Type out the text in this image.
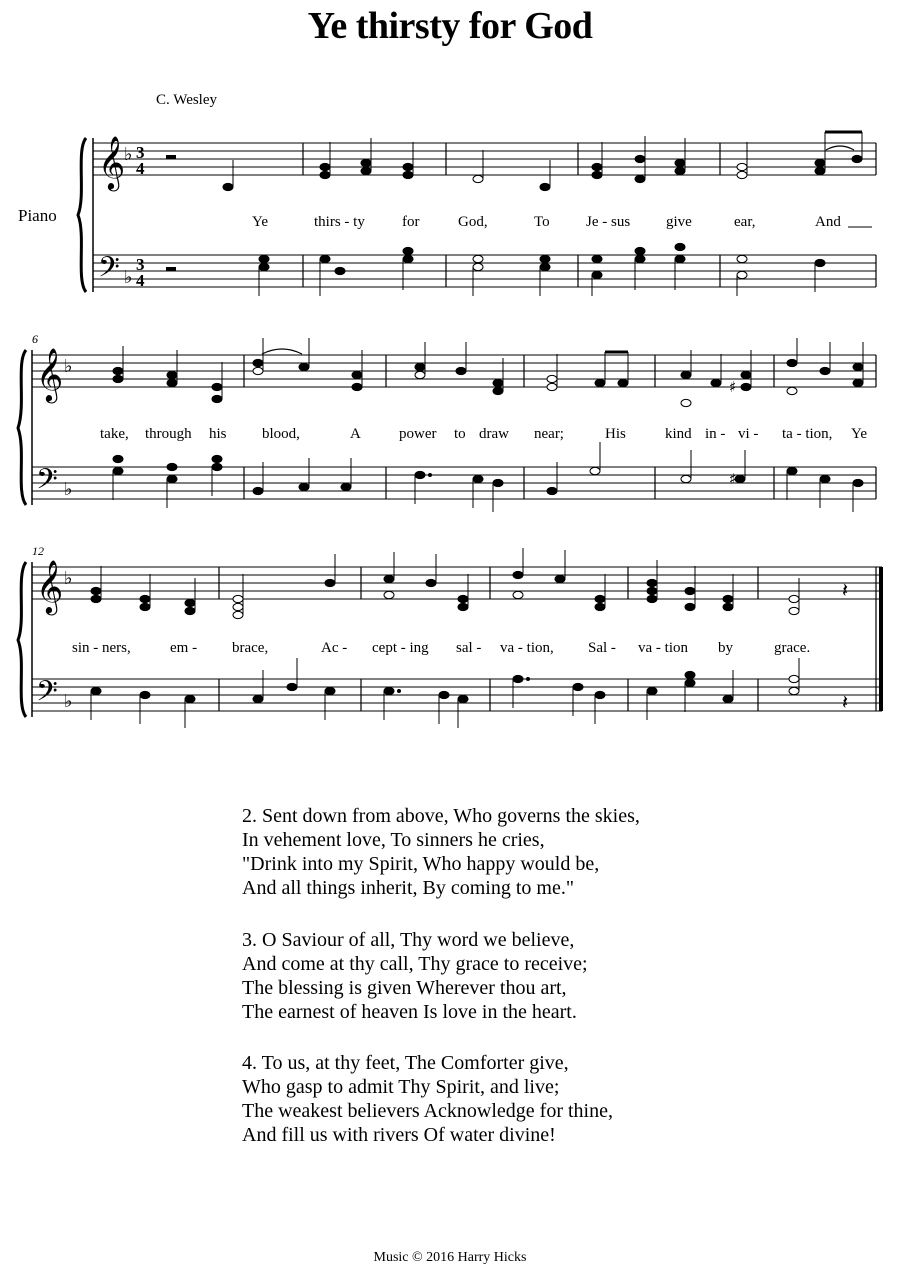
Ye thirsty for God
C. Wesley
Piano
𝄞
𝄢
♭
♭
3
4
3
4
Ye	thirs - ty for	God,	To Je - sus give	ear,	And
6
𝄞
𝄢
♭
♭
♯
♯
take, through his blood,	A	power to draw near;	His	kind in - vi - ta - tion, Ye
12
𝄞
𝄢
♭
♭
𝄽
𝄽
sin - ners,	em - brace,	Ac - cept - ing sal - va - tion, Sal - va - tion by	grace.
2. Sent down from above, Who governs the skies,
In vehement love, To sinners he cries,
"Drink into my Spirit, Who happy would be,
And all things inherit, By coming to me."
3. O Saviour of all, Thy word we believe,
And come at thy call, Thy grace to receive;
The blessing is given Wherever thou art,
The earnest of heaven Is love in the heart.
4. To us, at thy feet, The Comforter give,
Who gasp to admit Thy Spirit, and live;
The weakest believers Acknowledge for thine,
And fill us with rivers Of water divine!
Music © 2016 Harry Hicks
